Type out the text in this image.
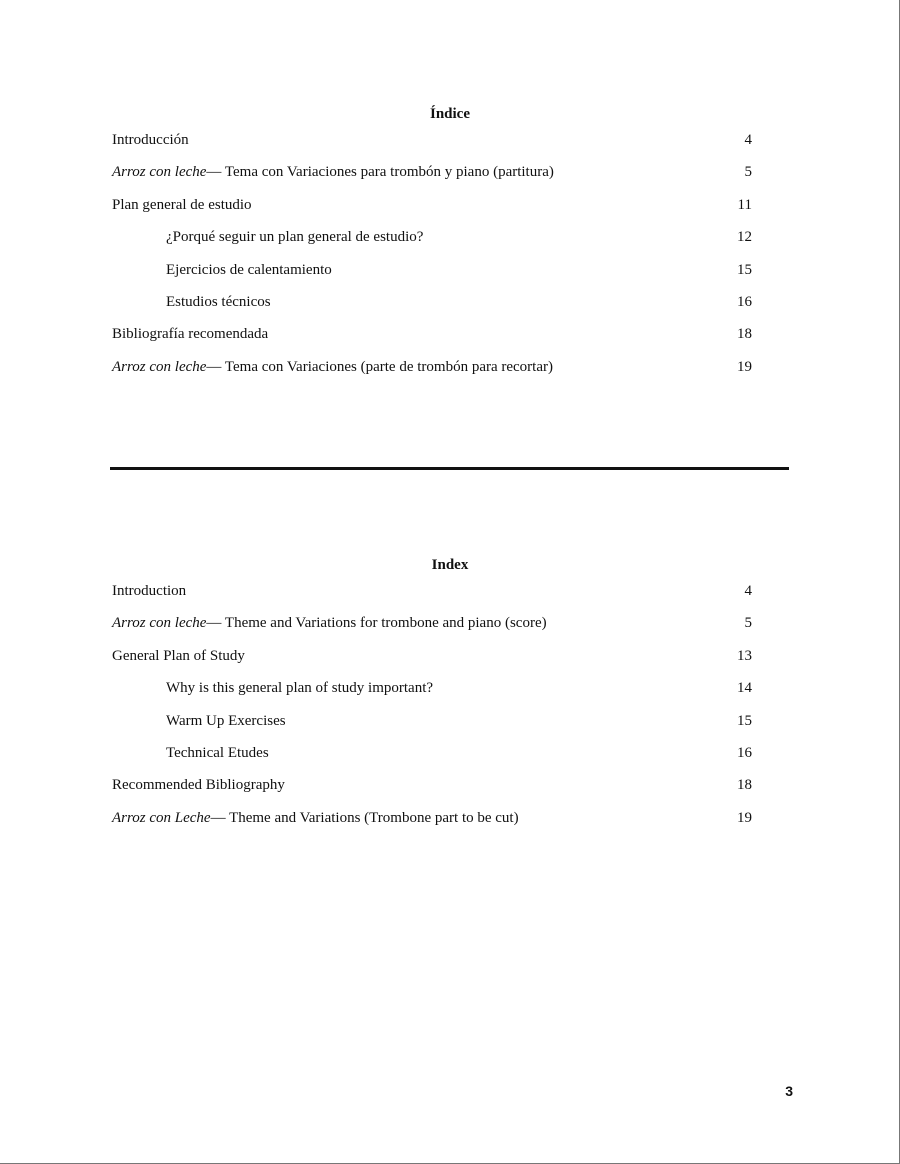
Índice
Introducción	4
Arroz con leche— Tema con Variaciones para trombón y piano (partitura)	5
Plan general de estudio	11
¿Porqué seguir un plan general de estudio?	12
Ejercicios de calentamiento	15
Estudios técnicos	16
Bibliografía recomendada	18
Arroz con leche— Tema con Variaciones (parte de trombón para recortar)	19
Index
Introduction	4
Arroz con leche— Theme and Variations for trombone and piano (score)	5
General Plan of Study	13
Why is this general plan of study important?	14
Warm Up Exercises	15
Technical Etudes	16
Recommended Bibliography	18
Arroz con Leche— Theme and Variations (Trombone part to be cut)	19
3
